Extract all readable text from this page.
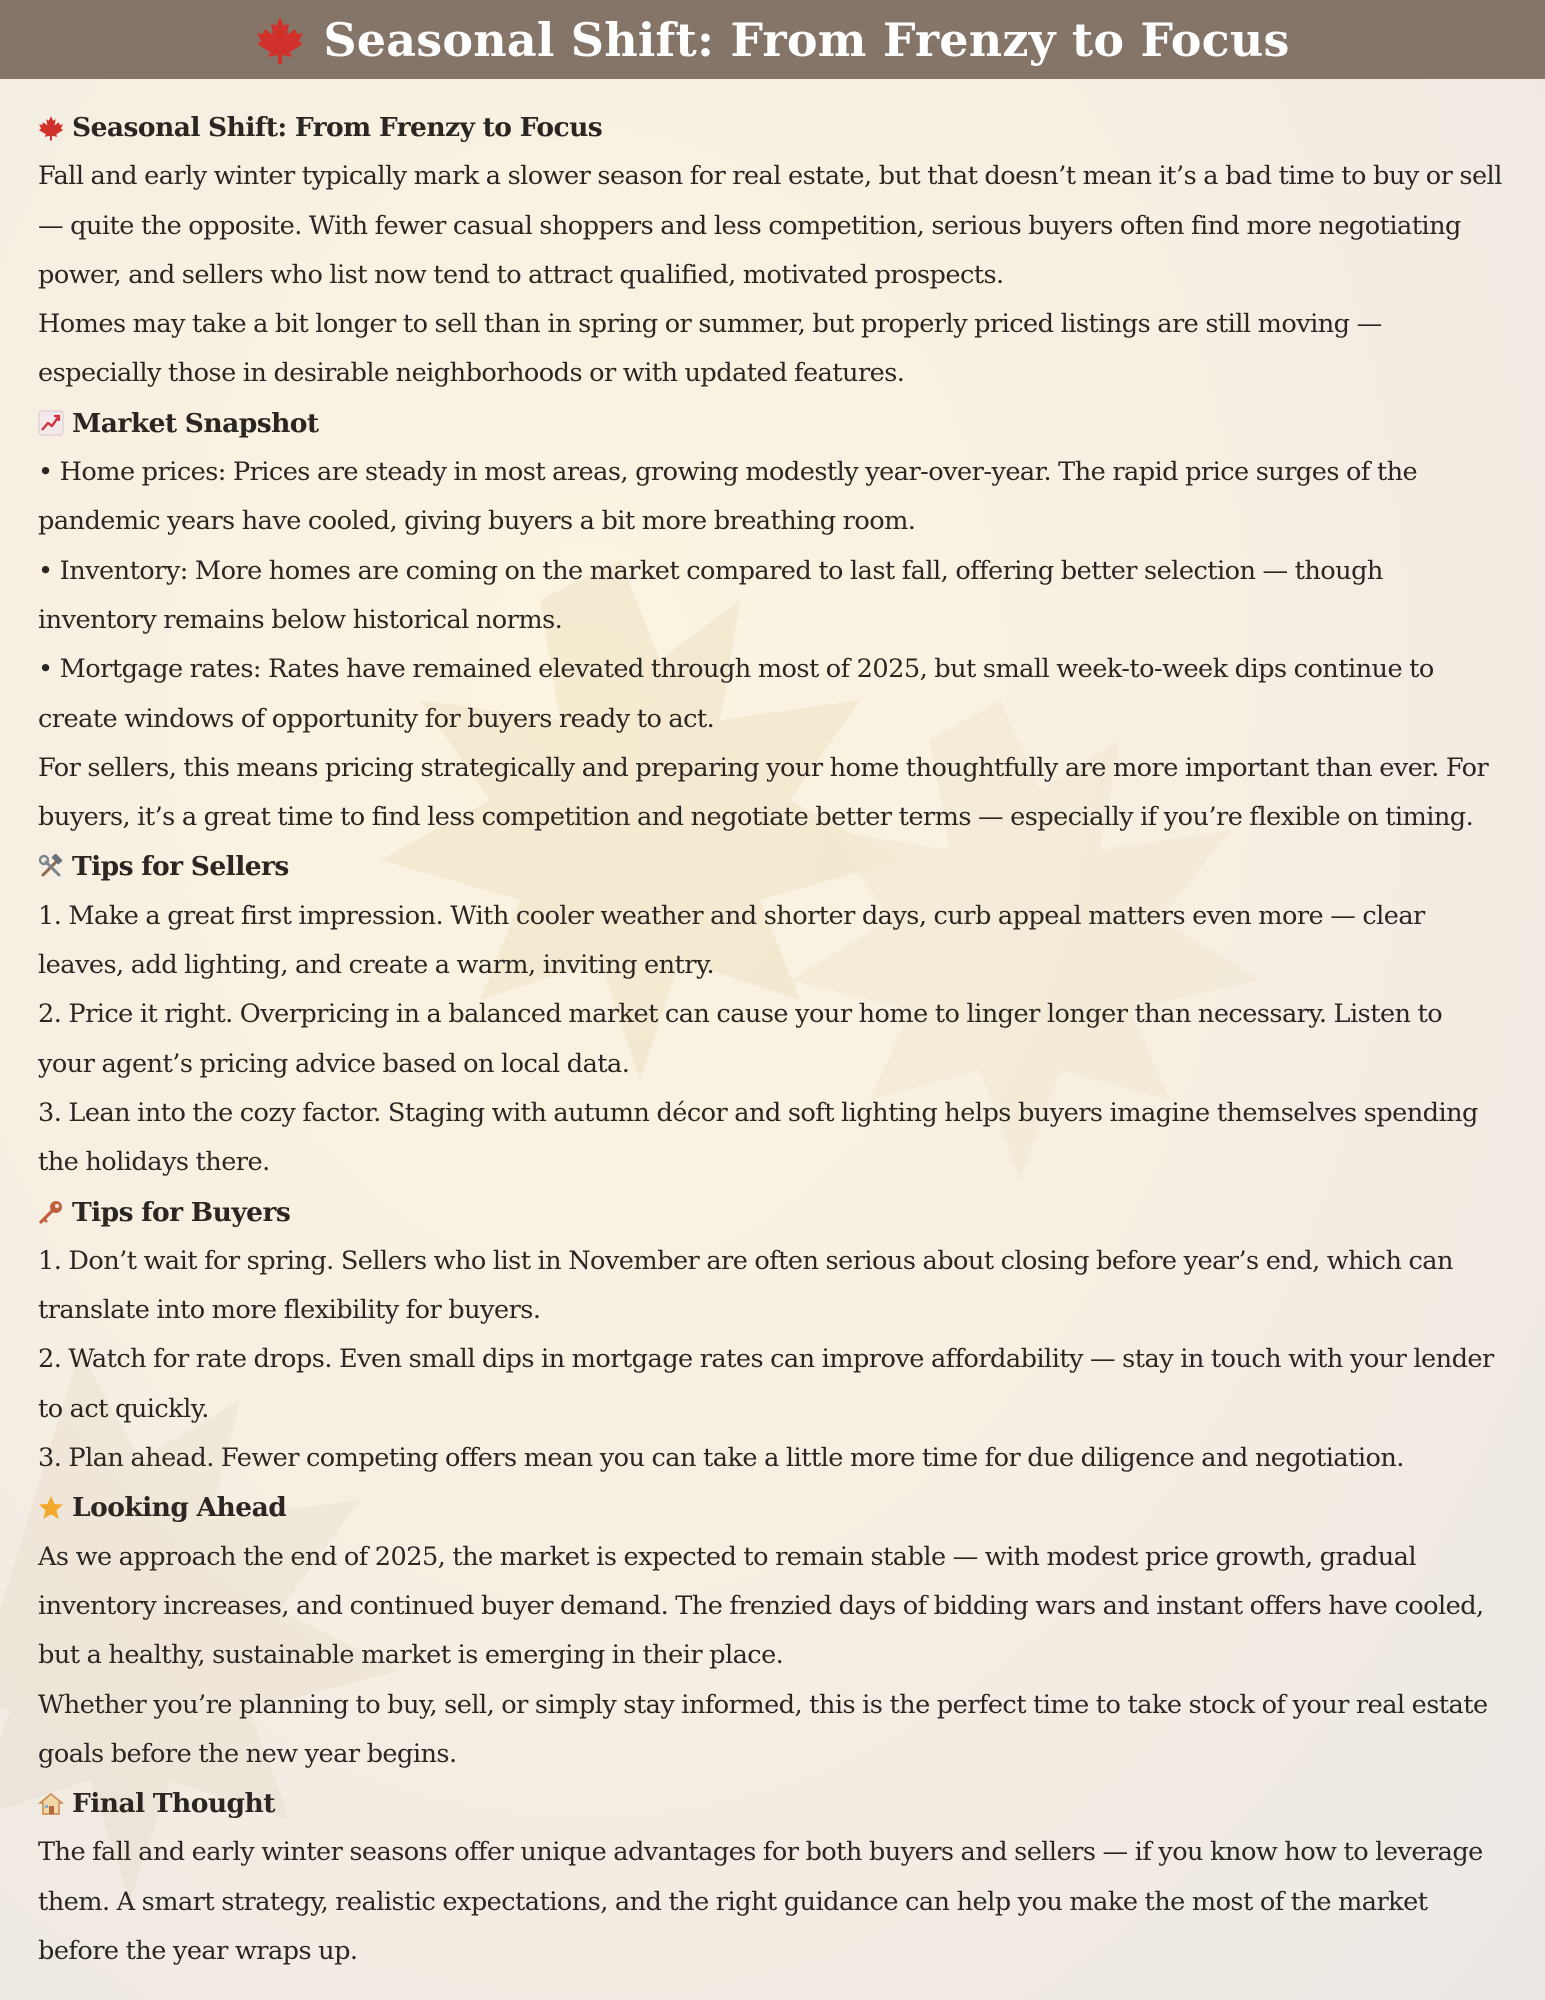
Seasonal Shift: From Frenzy to Focus
Seasonal Shift: From Frenzy to Focus
Fall and early winter typically mark a slower season for real estate, but that doesn’t mean it’s a bad time to buy or sell
— quite the opposite. With fewer casual shoppers and less competition, serious buyers often find more negotiating
power, and sellers who list now tend to attract qualified, motivated prospects.
Homes may take a bit longer to sell than in spring or summer, but properly priced listings are still moving —
especially those in desirable neighborhoods or with updated features.
Market Snapshot
• Home prices: Prices are steady in most areas, growing modestly year-over-year. The rapid price surges of the
pandemic years have cooled, giving buyers a bit more breathing room.
• Inventory: More homes are coming on the market compared to last fall, offering better selection — though
inventory remains below historical norms.
• Mortgage rates: Rates have remained elevated through most of 2025, but small week-to-week dips continue to
create windows of opportunity for buyers ready to act.
For sellers, this means pricing strategically and preparing your home thoughtfully are more important than ever. For
buyers, it’s a great time to find less competition and negotiate better terms — especially if you’re flexible on timing.
Tips for Sellers
1. Make a great first impression. With cooler weather and shorter days, curb appeal matters even more — clear
leaves, add lighting, and create a warm, inviting entry.
2. Price it right. Overpricing in a balanced market can cause your home to linger longer than necessary. Listen to
your agent’s pricing advice based on local data.
3. Lean into the cozy factor. Staging with autumn décor and soft lighting helps buyers imagine themselves spending
the holidays there.
Tips for Buyers
1. Don’t wait for spring. Sellers who list in November are often serious about closing before year’s end, which can
translate into more flexibility for buyers.
2. Watch for rate drops. Even small dips in mortgage rates can improve affordability — stay in touch with your lender
to act quickly.
3. Plan ahead. Fewer competing offers mean you can take a little more time for due diligence and negotiation.
Looking Ahead
As we approach the end of 2025, the market is expected to remain stable — with modest price growth, gradual
inventory increases, and continued buyer demand. The frenzied days of bidding wars and instant offers have cooled,
but a healthy, sustainable market is emerging in their place.
Whether you’re planning to buy, sell, or simply stay informed, this is the perfect time to take stock of your real estate
goals before the new year begins.
Final Thought
The fall and early winter seasons offer unique advantages for both buyers and sellers — if you know how to leverage
them. A smart strategy, realistic expectations, and the right guidance can help you make the most of the market
before the year wraps up.
